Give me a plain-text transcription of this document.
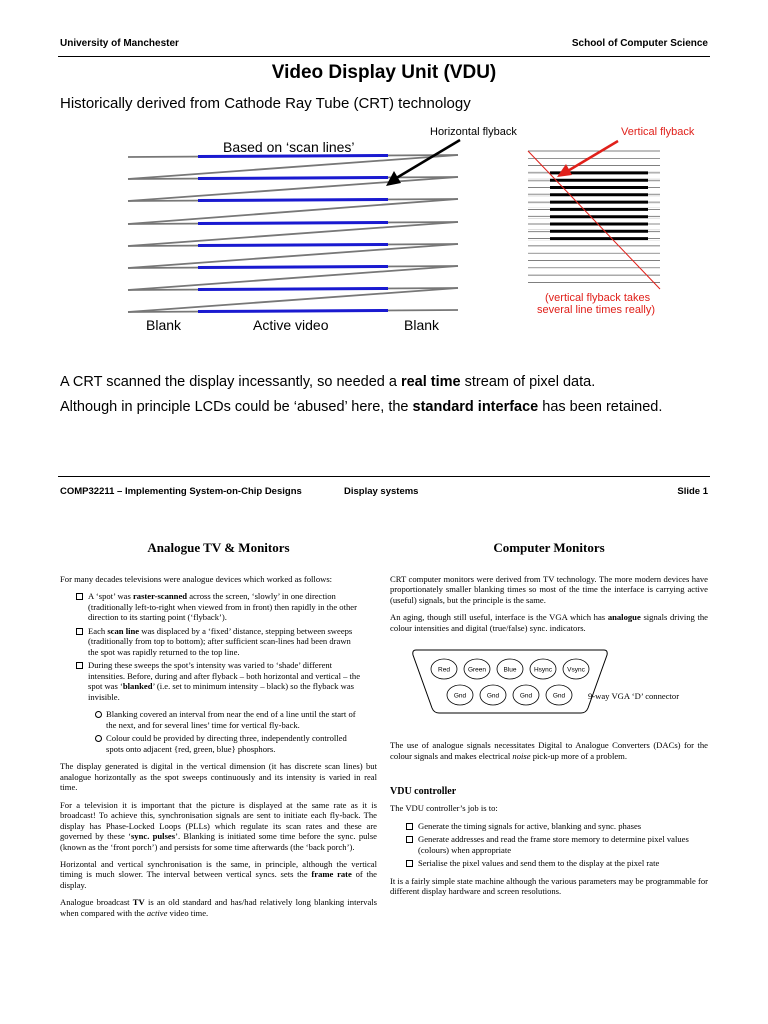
University of Manchester	School of Computer Science
Video Display Unit (VDU)
Historically derived from Cathode Ray Tube (CRT) technology
Based on ‘scan lines’
Horizontal flyback	Vertical flyback
(vertical flyback takes
several line times really)
Blank	Active video	Blank
A CRT scanned the display incessantly, so needed a real time stream of pixel data.
Although in principle LCDs could be ‘abused’ here, the standard interface has been retained.
COMP32211 – Implementing System-on-Chip Designs	Display systems	Slide 1
Analogue TV & Monitors

For many decades televisions were analogue devices which worked as follows:

A ‘spot’ was raster-scanned across the screen, ‘slowly’ in one direction (traditionally left-to-right when viewed from in front) then rapidly in the other direction to its starting point (‘flyback’).
Each scan line was displaced by a ‘fixed’ distance, stepping between sweeps (traditionally from top to bottom); after sufficient scan-lines had been drawn the spot was rapidly returned to the top line.
During these sweeps the spot’s intensity was varied to ‘shade’ different intensities. Before, during and after flyback – both horizontal and vertical – the spot was ‘blanked’ (i.e. set to minimum intensity – black) so the flyback was invisible.
Blanking covered an interval from near the end of a line until the start of the next, and for several lines’ time for vertical fly-back.
Colour could be provided by directing three, independently controlled spots onto adjacent {red, green, blue} phosphors.

The display generated is digital in the vertical dimension (it has discrete scan lines) but analogue horizontally as the spot sweeps continuously and its intensity is varied in real time.

For a television it is important that the picture is displayed at the same rate as it is broadcast! To achieve this, synchronisation signals are sent to initiate each fly-back. The display has Phase-Locked Loops (PLLs) which regulate its scan rates and these are governed by these ‘sync. pulses’. Blanking is initiated some time before the sync. pulse (known as the ‘front porch’) and persists for some time afterwards (the ‘back porch’).

Horizontal and vertical synchronisation is the same, in principle, although the vertical timing is much slower. The interval between vertical syncs. sets the frame rate of the display.

Analogue broadcast TV is an old standard and has/had relatively long blanking intervals when compared with the active video time.

Computer Monitors

CRT computer monitors were derived from TV technology. The more modern devices have proportionately smaller blanking times so most of the time the interface is carrying active (useful) signals, but the principle is the same.

An aging, though still useful, interface is the VGA which has analogue signals driving the colour intensities and digital (true/false) sync. indicators.

Red	Green	Blue	Hsync Vsync
Gnd	Gnd	Gnd	Gnd	9-way VGA ‘D’ connector

The use of analogue signals necessitates Digital to Analogue Converters (DACs) for the colour signals and makes electrical noise pick-up more of a problem.

VDU controller

The VDU controller’s job is to:

Generate the timing signals for active, blanking and sync. phases
Generate addresses and read the frame store memory to determine pixel values (colours) when appropriate
Serialise the pixel values and send them to the display at the pixel rate

It is a fairly simple state machine although the various parameters may be programmable for different display hardware and screen resolutions.
